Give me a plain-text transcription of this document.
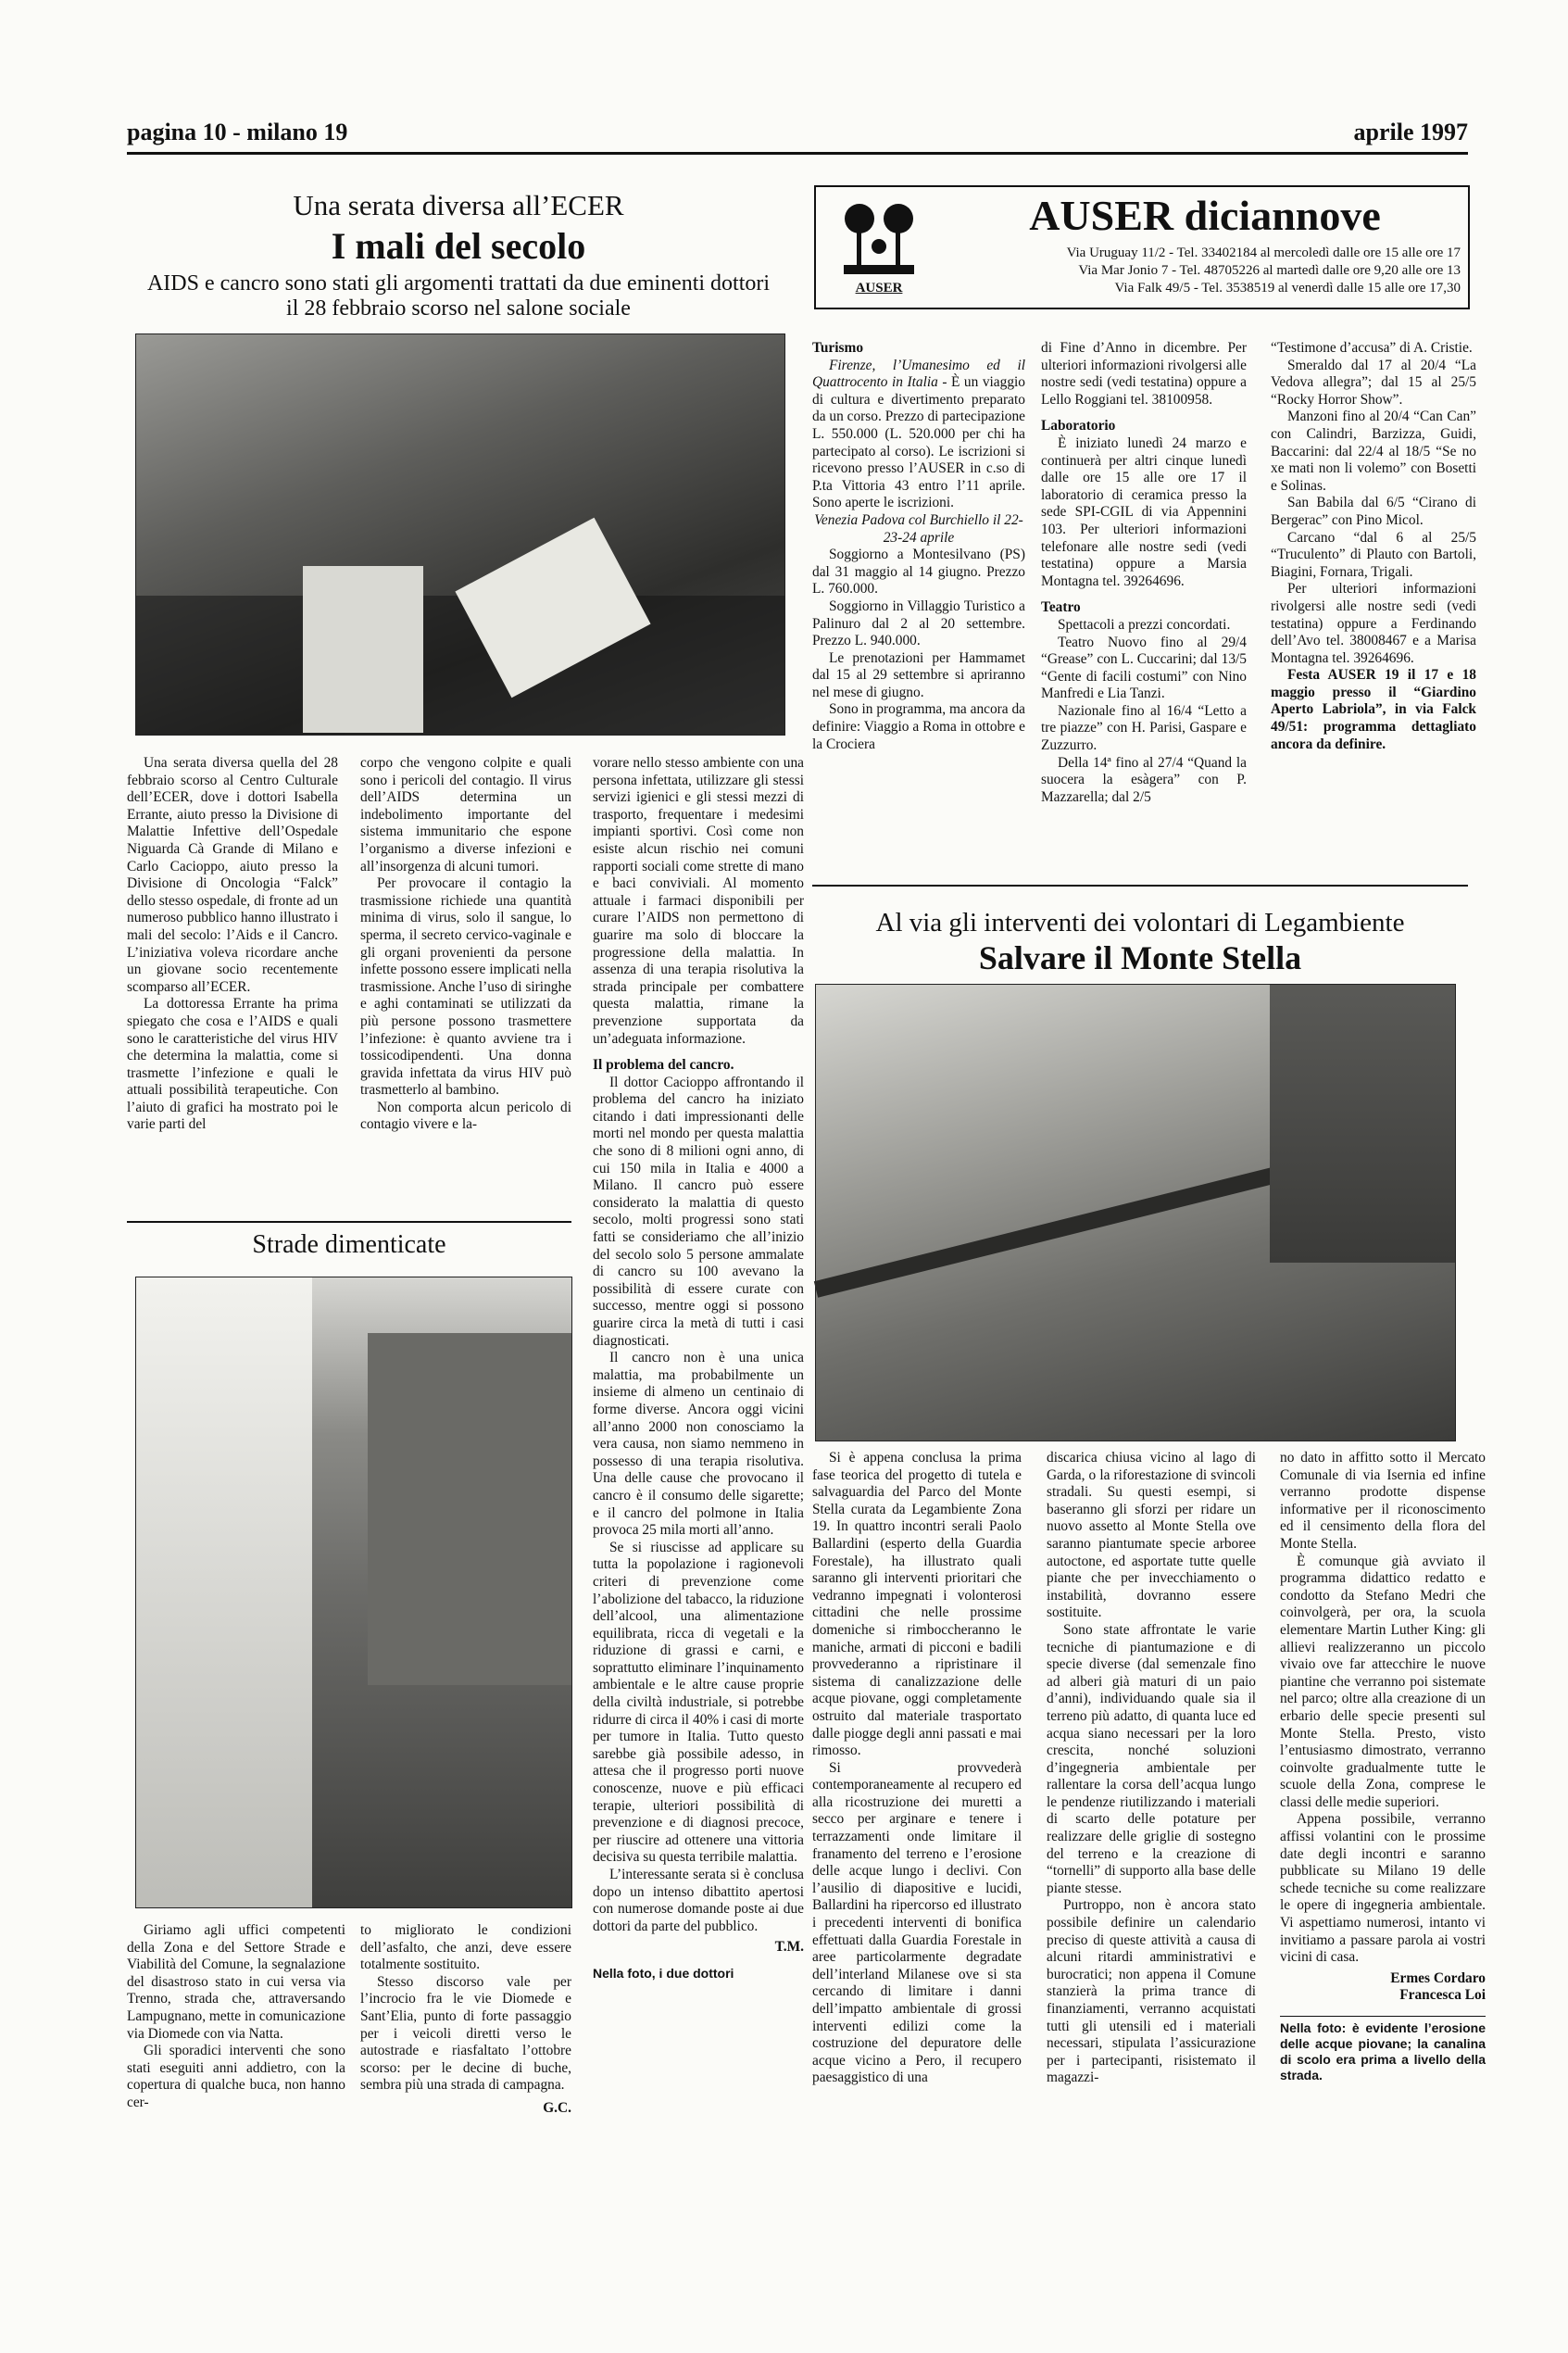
pagina 10 - milano 19	aprile 1997
Una serata diversa all’ECER
I mali del secolo
AIDS e cancro sono stati gli argomenti trattati da due eminenti dottori il 28 febbraio scorso nel salone sociale

Una serata diversa quella del 28 febbraio scorso al Centro Culturale dell’ECER, dove i dottori Isabella Errante, aiuto presso la Divisione di Malattie Infettive dell’Ospedale Niguarda Cà Grande di Milano e Carlo Cacioppo, aiuto presso la Divisione di Oncologia “Falck” dello stesso ospedale, di fronte ad un numeroso pubblico hanno illustrato i mali del secolo: l’Aids e il Cancro. L’iniziativa voleva ricordare anche un giovane socio recentemente scomparso all’ECER.

La dottoressa Errante ha prima spiegato che cosa e l’AIDS e quali sono le caratteristiche del virus HIV che determina la malattia, come si trasmette l’infezione e quali le attuali possibilità terapeutiche. Con l’aiuto di grafici ha mostrato poi le varie parti del

corpo che vengono colpite e quali sono i pericoli del contagio. Il virus dell’AIDS determina un indebolimento importante del sistema immunitario che espone l’organismo a diverse infezioni e all’insorgenza di alcuni tumori.

Per provocare il contagio la trasmissione richiede una quantità minima di virus, solo il sangue, lo sperma, il secreto cervico-vaginale e gli organi provenienti da persone infette possono essere implicati nella trasmissione. Anche l’uso di siringhe e aghi contaminati se utilizzati da più persone possono trasmettere l’infezione: è quanto avviene tra i tossicodipendenti. Una donna gravida infettata da virus HIV può trasmetterlo al bambino.

Non comporta alcun pericolo di contagio vivere e la-

vorare nello stesso ambiente con una persona infettata, utilizzare gli stessi servizi igienici e gli stessi mezzi di trasporto, frequentare i medesimi impianti sportivi. Così come non esiste alcun rischio nei comuni rapporti sociali come strette di mano e baci conviviali. Al momento attuale i farmaci disponibili per curare l’AIDS non permettono di guarire ma solo di bloccare la progressione della malattia. In assenza di una terapia risolutiva la strada principale per combattere questa malattia, rimane la prevenzione supportata da un’adeguata informazione.

Il problema del cancro.

Il dottor Cacioppo affrontando il problema del cancro ha iniziato citando i dati impressionanti delle morti nel mondo per questa malattia che sono di 8 milioni ogni anno, di cui 150 mila in Italia e 4000 a Milano. Il cancro può essere considerato la malattia di questo secolo, molti progressi sono stati fatti se consideriamo che all’inizio del secolo solo 5 persone ammalate di cancro su 100 avevano la possibilità di essere curate con successo, mentre oggi si possono guarire circa la metà di tutti i casi diagnosticati.

Il cancro non è una unica malattia, ma probabilmente un insieme di almeno un centinaio di forme diverse. Ancora oggi vicini all’anno 2000 non conosciamo la vera causa, non siamo nemmeno in possesso di una terapia risolutiva. Una delle cause che provocano il cancro è il consumo delle sigarette; e il cancro del polmone in Italia provoca 25 mila morti all’anno.

Se si riuscisse ad applicare su tutta la popolazione i ragionevoli criteri di prevenzione come l’abolizione del tabacco, la riduzione dell’alcool, una alimentazione equilibrata, ricca di vegetali e la riduzione di grassi e carni, e soprattutto eliminare l’inquinamento ambientale e le altre cause proprie della civiltà industriale, si potrebbe ridurre di circa il 40% i casi di morte per tumore in Italia. Tutto questo sarebbe già possibile adesso, in attesa che il progresso porti nuove conoscenze, nuove e più efficaci terapie, ulteriori possibilità di prevenzione e di diagnosi precoce, per riuscire ad ottenere una vittoria decisiva su questa terribile malattia.

L’interessante serata si è conclusa dopo un intenso dibattito apertosi con numerose domande poste ai due dottori da parte del pubblico.

T.M.
Nella foto, i due dottori
Strade dimenticate

Giriamo agli uffici competenti della Zona e del Settore Strade e Viabilità del Comune, la segnalazione del disastroso stato in cui versa via Trenno, strada che, attraversando Lampugnano, mette in comunicazione via Diomede con via Natta.

Gli sporadici interventi che sono stati eseguiti anni addietro, con la copertura di qualche buca, non hanno cer-

to migliorato le condizioni dell’asfalto, che anzi, deve essere totalmente sostituito.

Stesso discorso vale per l’incrocio fra le vie Diomede e Sant’Elia, punto di forte passaggio per i veicoli diretti verso le autostrade e riasfaltato l’ottobre scorso: per le decine di buche, sembra più una strada di campagna.

G.C.
AUSER
AUSER diciannove
Via Uruguay 11/2 - Tel. 33402184 al mercoledì dalle ore 15 alle ore 17
Via Mar Jonio 7 - Tel. 48705226 al martedì dalle ore 9,20 alle ore 13
Via Falk 49/5 - Tel. 3538519 al venerdì dalle 15 alle ore 17,30
Turismo

Firenze, l’Umanesimo ed il Quattrocento in Italia - È un viaggio di cultura e divertimento preparato da un corso. Prezzo di partecipazione L. 550.000 (L. 520.000 per chi ha partecipato al corso). Le iscrizioni si ricevono presso l’AUSER in c.so di P.ta Vittoria 43 entro l’11 aprile. Sono aperte le iscrizioni.

Venezia Padova col Burchiello il 22-23-24 aprile

Soggiorno a Montesilvano (PS) dal 31 maggio al 14 giugno. Prezzo L. 760.000.

Soggiorno in Villaggio Turistico a Palinuro dal 2 al 20 settembre. Prezzo L. 940.000.

Le prenotazioni per Hammamet dal 15 al 29 settembre si apriranno nel mese di giugno.

Sono in programma, ma ancora da definire: Viaggio a Roma in ottobre e la Crociera

di Fine d’Anno in dicembre. Per ulteriori informazioni rivolgersi alle nostre sedi (vedi testatina) oppure a Lello Roggiani tel. 38100958.

Laboratorio

È iniziato lunedì 24 marzo e continuerà per altri cinque lunedì dalle ore 15 alle ore 17 il laboratorio di ceramica presso la sede SPI-CGIL di via Appennini 103. Per ulteriori informazioni telefonare alle nostre sedi (vedi testatina) oppure a Marsia Montagna tel. 39264696.

Teatro

Spettacoli a prezzi concordati.

Teatro Nuovo fino al 29/4 “Grease” con L. Cuccarini; dal 13/5 “Gente di facili costumi” con Nino Manfredi e Lia Tanzi.

Nazionale fino al 16/4 “Letto a tre piazze” con H. Parisi, Gaspare e Zuzzurro.

Della 14ª fino al 27/4 “Quand la suocera la esàgera” con P. Mazzarella; dal 2/5

“Testimone d’accusa” di A. Cristie.

Smeraldo dal 17 al 20/4 “La Vedova allegra”; dal 15 al 25/5 “Rocky Horror Show”.

Manzoni fino al 20/4 “Can Can” con Calindri, Barzizza, Guidi, Baccarini: dal 22/4 al 18/5 “Se no xe mati non li volemo” con Bosetti e Solinas.

San Babila dal 6/5 “Cirano di Bergerac” con Pino Micol.

Carcano “dal 6 al 25/5 “Truculento” di Plauto con Bartoli, Biagini, Fornara, Trigali.

Per ulteriori informazioni rivolgersi alle nostre sedi (vedi testatina) oppure a Ferdinando dell’Avo tel. 38008467 e a Marisa Montagna tel. 39264696.

Festa AUSER 19 il 17 e 18 maggio presso il “Giardino Aperto Labriola”, in via Falck 49/51: programma dettagliato ancora da definire.

Al via gli interventi dei volontari di Legambiente
Salvare il Monte Stella

Si è appena conclusa la prima fase teorica del progetto di tutela e salvaguardia del Parco del Monte Stella curata da Legambiente Zona 19. In quattro incontri serali Paolo Ballardini (esperto della Guardia Forestale), ha illustrato quali saranno gli interventi prioritari che vedranno impegnati i volonterosi cittadini che nelle prossime domeniche si rimboccheranno le maniche, armati di picconi e badili provvederanno a ripristinare il sistema di canalizzazione delle acque piovane, oggi completamente ostruito dal materiale trasportato dalle piogge degli anni passati e mai rimosso.

Si provvederà contemporaneamente al recupero ed alla ricostruzione dei muretti a secco per arginare e tenere i terrazzamenti onde limitare il franamento del terreno e l’erosione delle acque lungo i declivi. Con l’ausilio di diapositive e lucidi, Ballardini ha ripercorso ed illustrato i precedenti interventi di bonifica effettuati dalla Guardia Forestale in aree particolarmente degradate dell’interland Milanese ove si sta cercando di limitare i danni dell’impatto ambientale di grossi interventi edilizi come la costruzione del depuratore delle acque vicino a Pero, il recupero paesaggistico di una

discarica chiusa vicino al lago di Garda, o la riforestazione di svincoli stradali. Su questi esempi, si baseranno gli sforzi per ridare un nuovo assetto al Monte Stella ove saranno piantumate specie arboree autoctone, ed asportate tutte quelle piante che per invecchiamento o instabilità, dovranno essere sostituite.

Sono state affrontate le varie tecniche di piantumazione e di specie diverse (dal semenzale fino ad alberi già maturi di un paio d’anni), individuando quale sia il terreno più adatto, di quanta luce ed acqua siano necessari per la loro crescita, nonché soluzioni d’ingegneria ambientale per rallentare la corsa dell’acqua lungo le pendenze riutilizzando i materiali di scarto delle potature per realizzare delle griglie di sostegno del terreno e la creazione di “tornelli” di supporto alla base delle piante stesse.

Purtroppo, non è ancora stato possibile definire un calendario preciso di queste attività a causa di alcuni ritardi amministrativi e burocratici; non appena il Comune stanzierà la prima trance di finanziamenti, verranno acquistati tutti gli utensili ed i materiali necessari, stipulata l’assicurazione per i partecipanti, risistemato il magazzi-

no dato in affitto sotto il Mercato Comunale di via Isernia ed infine verranno prodotte dispense informative per il riconoscimento ed il censimento della flora del Monte Stella.

È comunque già avviato il programma didattico redatto e condotto da Stefano Medri che coinvolgerà, per ora, la scuola elementare Martin Luther King: gli allievi realizzeranno un piccolo vivaio ove far attecchire le nuove piantine che verranno poi sistemate nel parco; oltre alla creazione di un erbario delle specie presenti sul Monte Stella. Presto, visto l’entusiasmo dimostrato, verranno coinvolte gradualmente tutte le scuole della Zona, comprese le classi delle medie superiori.

Appena possibile, verranno affissi volantini con le prossime date degli incontri e saranno pubblicate su Milano 19 delle schede tecniche su come realizzare le opere di ingegneria ambientale. Vi aspettiamo numerosi, intanto vi invitiamo a passare parola ai vostri vicini di casa.

Ermes Cordaro
Francesca Loi
Nella foto: è evidente l’erosione delle acque piovane; la canalina di scolo era prima a livello della strada.
